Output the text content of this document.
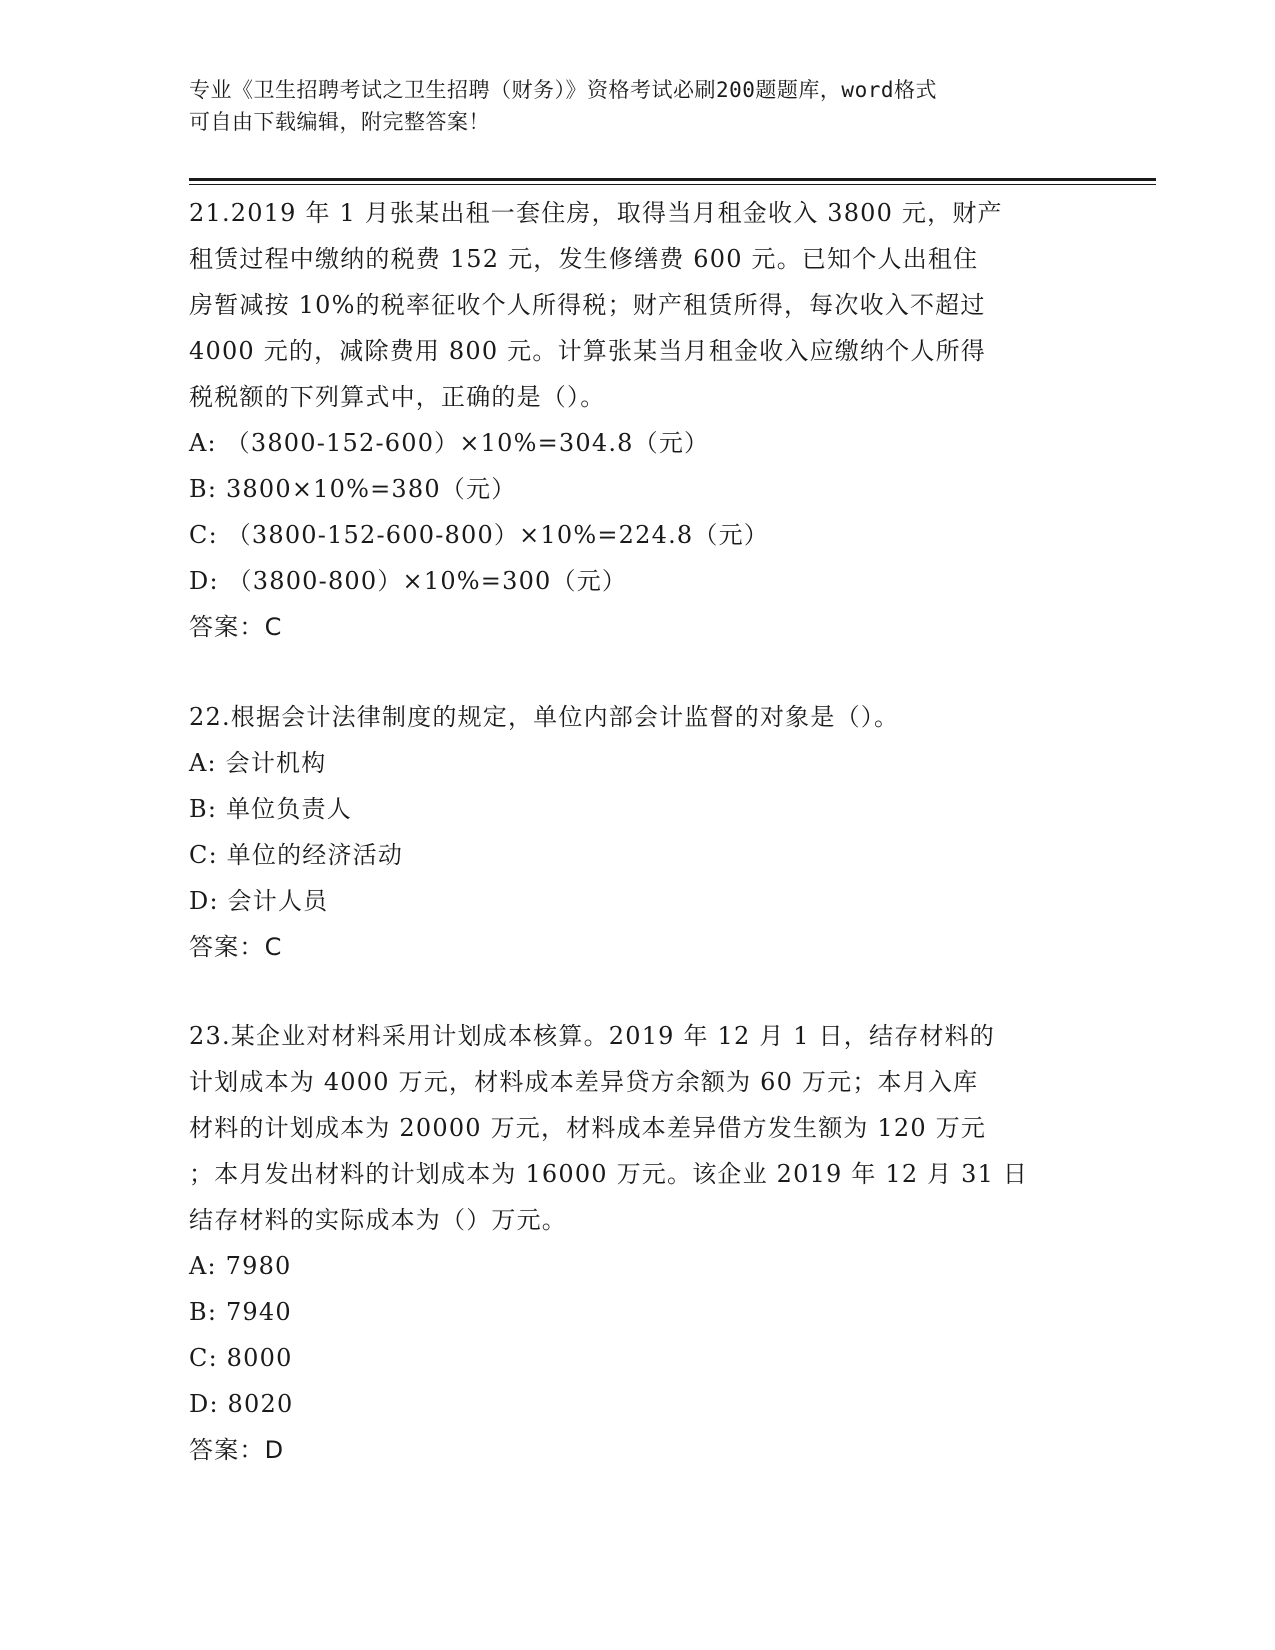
专业《卫生招聘考试之卫生招聘（财务）》资格考试必刷200题题库，word格式
可自由下载编辑，附完整答案！

21.2019 年 1 月张某出租一套住房，取得当月租金收入 3800 元，财产

租赁过程中缴纳的税费 152 元，发生修缮费 600 元。已知个人出租住

房暂减按 10%的税率征收个人所得税；财产租赁所得，每次收入不超过

4000 元的，减除费用 800 元。计算张某当月租金收入应缴纳个人所得

税税额的下列算式中，正确的是（）。

A: （3800-152-600）×10%=304.8（元）

B: 3800×10%=380（元）

C: （3800-152-600-800）×10%=224.8（元）

D: （3800-800）×10%=300（元）

答案：C

22.根据会计法律制度的规定，单位内部会计监督的对象是（）。

A: 会计机构

B: 单位负责人

C: 单位的经济活动

D: 会计人员

答案：C

23.某企业对材料采用计划成本核算。2019 年 12 月 1 日，结存材料的

计划成本为 4000 万元，材料成本差异贷方余额为 60 万元；本月入库

材料的计划成本为 20000 万元，材料成本差异借方发生额为 120 万元

；本月发出材料的计划成本为 16000 万元。该企业 2019 年 12 月 31 日

结存材料的实际成本为（）万元。

A: 7980

B: 7940

C: 8000

D: 8020

答案：D
